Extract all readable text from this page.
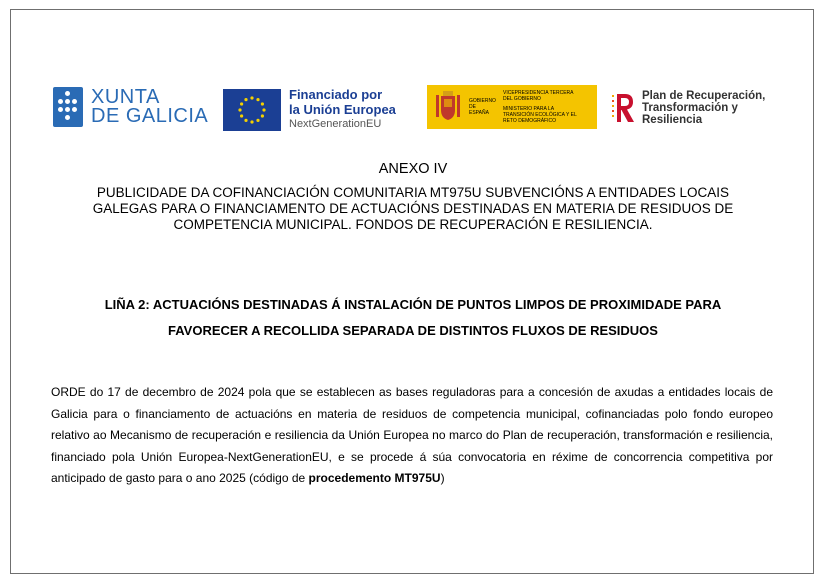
XUNTA
DE GALICIA
Financiado por
la Unión Europea
NextGenerationEU
GOBIERNO DE ESPAÑA
VICEPRESIDENCIA TERCERA DEL GOBIERNO
MINISTERIO PARA LA TRANSICIÓN ECOLÓGICA Y EL RETO DEMOGRÁFICO
Plan de Recuperación,
Transformación y Resiliencia
ANEXO IV
PUBLICIDADE DA COFINANCIACIÓN COMUNITARIA MT975U SUBVENCIÓNS A ENTIDADES LOCAIS
GALEGAS PARA O FINANCIAMENTO DE ACTUACIÓNS DESTINADAS EN MATERIA DE RESIDUOS DE
COMPETENCIA MUNICIPAL. FONDOS DE RECUPERACIÓN E RESILIENCIA.
LIÑA 2: ACTUACIÓNS DESTINADAS Á INSTALACIÓN DE PUNTOS LIMPOS DE PROXIMIDADE PARA
FAVORECER A RECOLLIDA SEPARADA DE DISTINTOS FLUXOS DE RESIDUOS
ORDE do 17 de decembro de 2024 pola que se establecen as bases reguladoras para a concesión de axudas a entidades locais de Galicia para o financiamento de actuacións en materia de residuos de competencia municipal, cofinanciadas polo fondo europeo relativo ao Mecanismo de recuperación e resiliencia da Unión Europea no marco do Plan de recuperación, transformación e resiliencia, financiado pola Unión Europea-NextGenerationEU, e se procede á súa convocatoria en réxime de concorrencia competitiva por anticipado de gasto para o ano 2025 (código de procedemento MT975U)
